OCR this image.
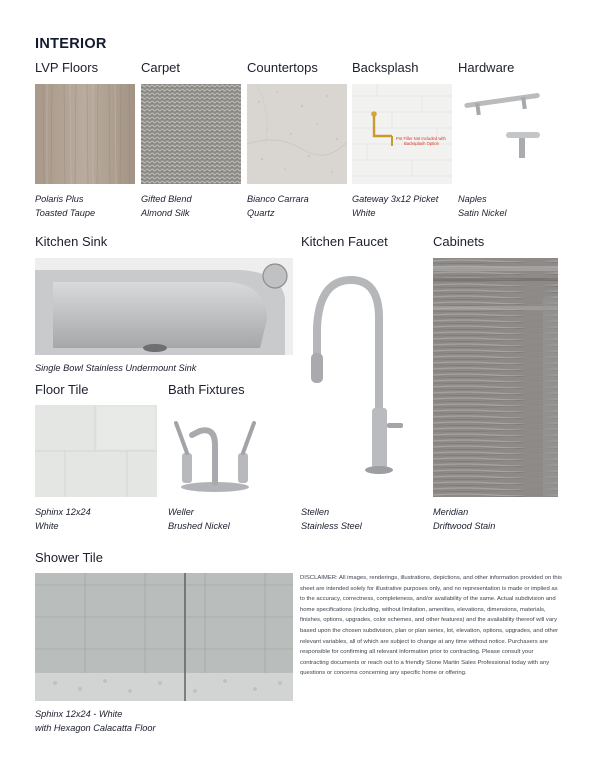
INTERIOR
LVP Floors	Carpet	Countertops	Backsplash	Hardware
Pot Filler Not Included with
Backsplash Option
Polaris Plus
Toasted Taupe
Gifted Blend
Almond Silk
Bianco Carrara
Quartz
Gateway 3x12 Picket
White
Naples
Satin Nickel
Kitchen Sink	Kitchen Faucet	Cabinets
Single Bowl Stainless Undermount Sink
Floor Tile	Bath Fixtures
Sphinx 12x24
White
Weller
Brushed Nickel
Stellen
Stainless Steel
Meridian
Driftwood Stain
Shower Tile
Sphinx 12x24 - White
with Hexagon Calacatta Floor
DISCLAIMER: All images, renderings, illustrations, depictions, and other information provided on this sheet are intended solely for illustrative purposes only, and no representation is made or implied as to the accuracy, correctness, completeness, and/or availability of the same. Actual subdivision and home specifications (including, without limitation, amenities, elevations, dimensions, materials, finishes, options, upgrades, color schemes, and other features) and the availability thereof will vary based upon the chosen subdivision, plan or plan series, lot, elevation, options, upgrades, and other relevant variables, all of which are subject to change at any time without notice. Purchasers are responsible for confirming all relevant information prior to contracting. Please consult your contracting documents or reach out to a friendly Stone Martin Sales Professional today with any questions or concerns concerning any specific home or offering.
